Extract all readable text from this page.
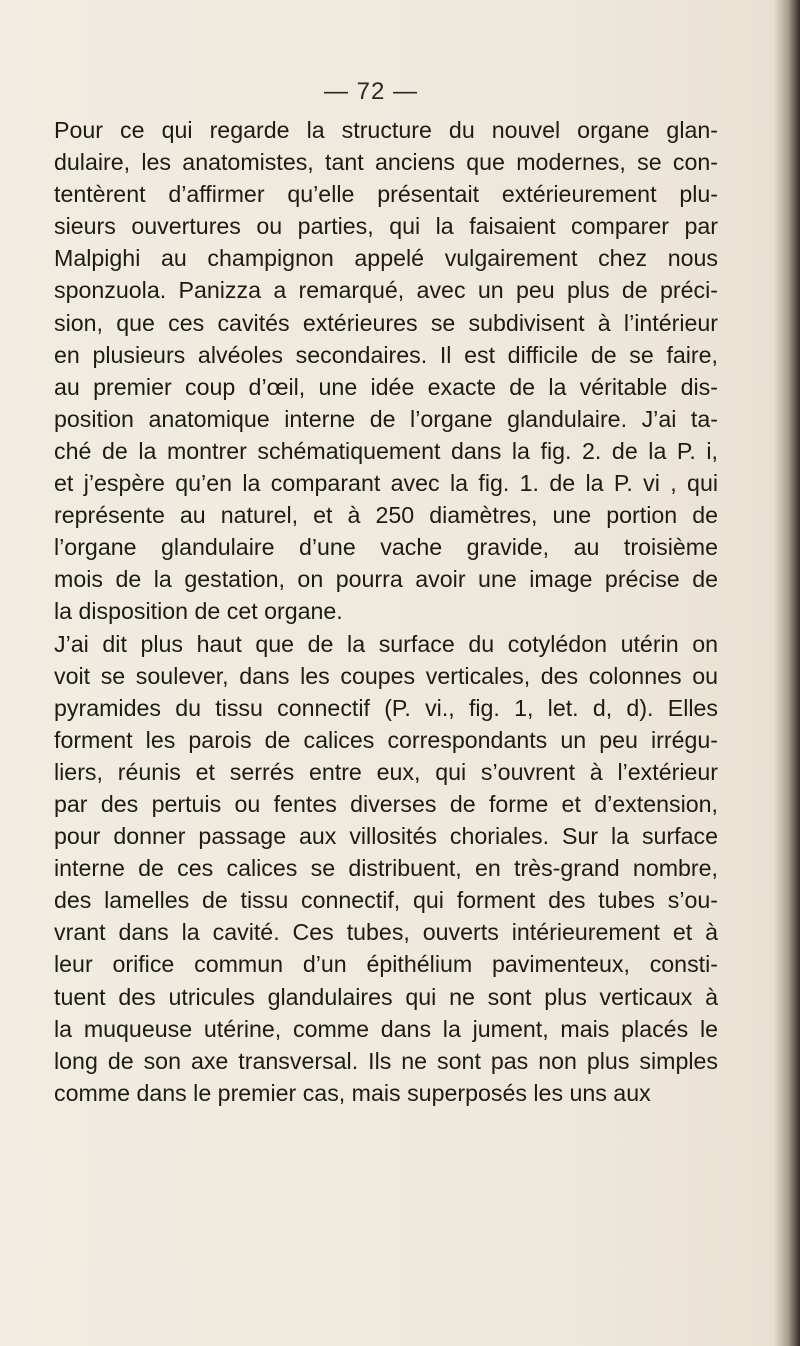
— 72 —
Pour ce qui regarde la structure du nouvel organe glan-
dulaire, les anatomistes, tant anciens que modernes, se con-
tentèrent d’affirmer qu’elle présentait extérieurement plu-
sieurs ouvertures ou parties, qui la faisaient comparer par
Malpighi au champignon appelé vulgairement chez nous
sponzuola. Panizza a remarqué, avec un peu plus de préci-
sion, que ces cavités extérieures se subdivisent à l’intérieur
en plusieurs alvéoles secondaires. Il est difficile de se faire,
au premier coup d’œil, une idée exacte de la véritable dis-
position anatomique interne de l’organe glandulaire. J’ai ta-
ché de la montrer schématiquement dans la fig. 2. de la P. i,
et j’espère qu’en la comparant avec la fig. 1. de la P. vi , qui
représente au naturel, et à 250 diamètres, une portion de
l’organe glandulaire d’une vache gravide, au troisième
mois de la gestation, on pourra avoir une image précise de
la disposition de cet organe.
J’ai dit plus haut que de la surface du cotylédon utérin on
voit se soulever, dans les coupes verticales, des colonnes ou
pyramides du tissu connectif (P. vi., fig. 1, let. d, d). Elles
forment les parois de calices correspondants un peu irrégu-
liers, réunis et serrés entre eux, qui s’ouvrent à l’extérieur
par des pertuis ou fentes diverses de forme et d’extension,
pour donner passage aux villosités choriales. Sur la surface
interne de ces calices se distribuent, en très-grand nombre,
des lamelles de tissu connectif, qui forment des tubes s’ou-
vrant dans la cavité. Ces tubes, ouverts intérieurement et à
leur orifice commun d’un épithélium pavimenteux, consti-
tuent des utricules glandulaires qui ne sont plus verticaux à
la muqueuse utérine, comme dans la jument, mais placés le
long de son axe transversal. Ils ne sont pas non plus simples
comme dans le premier cas, mais superposés les uns aux
